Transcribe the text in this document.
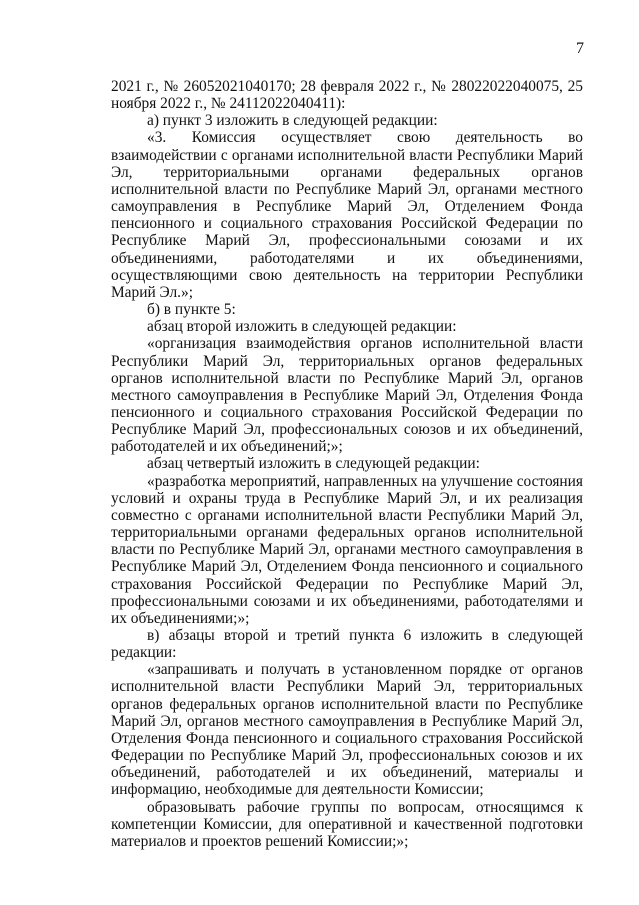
7

2021 г., № 26052021040170; 28 февраля 2022 г., № 28022022040075, 25 ноября 2022 г., № 24112022040411):

а) пункт 3 изложить в следующей редакции:

«3. Комиссия осуществляет свою деятельность во взаимодействии с органами исполнительной власти Республики Марий Эл, территориальными органами федеральных органов исполнительной власти по Республике Марий Эл, органами местного самоуправления в Республике Марий Эл, Отделением Фонда пенсионного и социального страхования Российской Федерации по Республике Марий Эл, профессиональными союзами и их объединениями, работодателями и их объединениями, осуществляющими свою деятельность на территории Республики Марий Эл.»;

б) в пункте 5:

абзац второй изложить в следующей редакции:

«организация взаимодействия органов исполнительной власти Республики Марий Эл, территориальных органов федеральных органов исполнительной власти по Республике Марий Эл, органов местного самоуправления в Республике Марий Эл, Отделения Фонда пенсионного и социального страхования Российской Федерации по Республике Марий Эл, профессиональных союзов и их объединений, работодателей и их объединений;»;

абзац четвертый изложить в следующей редакции:

«разработка мероприятий, направленных на улучшение состояния условий и охраны труда в Республике Марий Эл, и их реализация совместно с органами исполнительной власти Республики Марий Эл, территориальными органами федеральных органов исполнительной власти по Республике Марий Эл, органами местного самоуправления в Республике Марий Эл, Отделением Фонда пенсионного и социального страхования Российской Федерации по Республике Марий Эл, профессиональными союзами и их объединениями, работодателями и их объединениями;»;

в) абзацы второй и третий пункта 6 изложить в следующей редакции:

«запрашивать и получать в установленном порядке от органов исполнительной власти Республики Марий Эл, территориальных органов федеральных органов исполнительной власти по Республике Марий Эл, органов местного самоуправления в Республике Марий Эл, Отделения Фонда пенсионного и социального страхования Российской Федерации по Республике Марий Эл, профессиональных союзов и их объединений, работодателей и их объединений, материалы и информацию, необходимые для деятельности Комиссии;

образовывать рабочие группы по вопросам, относящимся к компетенции Комиссии, для оперативной и качественной подготовки материалов и проектов решений Комиссии;»;
